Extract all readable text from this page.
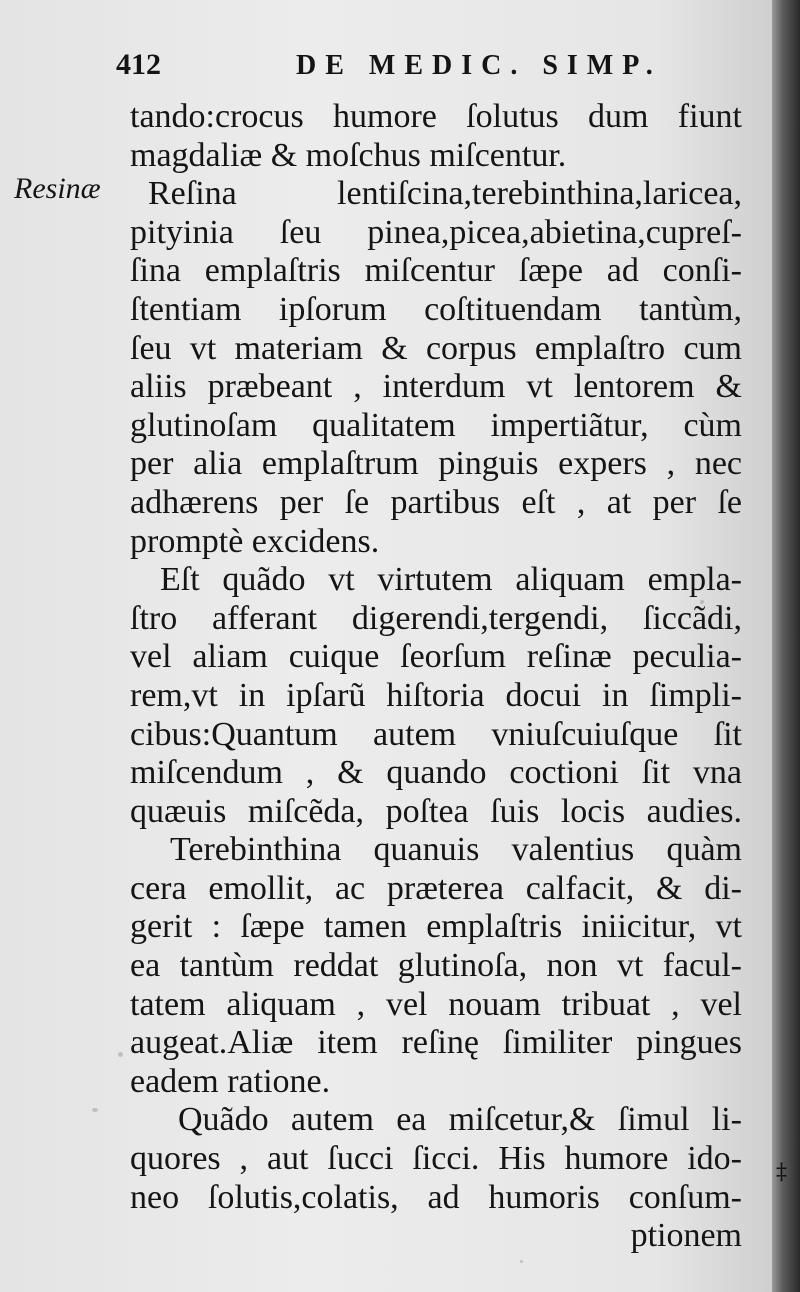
412	DE MEDIC. SIMP.
Resinæ
tando:crocus humore ſolutus dum fiunt
magdaliæ & moſchus miſcentur.
Reſina lentiſcina,terebinthina,laricea,
pityinia ſeu pinea,picea,abietina,cupreſ-
ſina emplaſtris miſcentur ſæpe ad conſi-
ſtentiam ipſorum coſtituendam tantùm,
ſeu vt materiam & corpus emplaſtro cum
aliis præbeant , interdum vt lentorem &
glutinoſam qualitatem impertiãtur, cùm
per alia emplaſtrum pinguis expers , nec
adhærens per ſe partibus eſt , at per ſe
promptè excidens.
Eſt quãdo vt virtutem aliquam empla-
ſtro afferant digerendi,tergendi, ſiccãdi,
vel aliam cuique ſeorſum reſinæ peculia-
rem,vt in ipſarũ hiſtoria docui in ſimpli-
cibus:Quantum autem vniuſcuiuſque ſit
miſcendum , & quando coctioni ſit vna
quæuis miſcẽda, poſtea ſuis locis audies.
Terebinthina quanuis valentius quàm
cera emollit, ac præterea calfacit, & di-
gerit : ſæpe tamen emplaſtris iniicitur, vt
ea tantùm reddat glutinoſa, non vt facul-
tatem aliquam , vel nouam tribuat , vel
augeat.Aliæ item reſinę ſimiliter pingues
eadem ratione.
Quãdo autem ea miſcetur,& ſimul li-
quores , aut ſucci ſicci. His humore ido-
neo ſolutis,colatis, ad humoris conſum-
ptionem
‡
